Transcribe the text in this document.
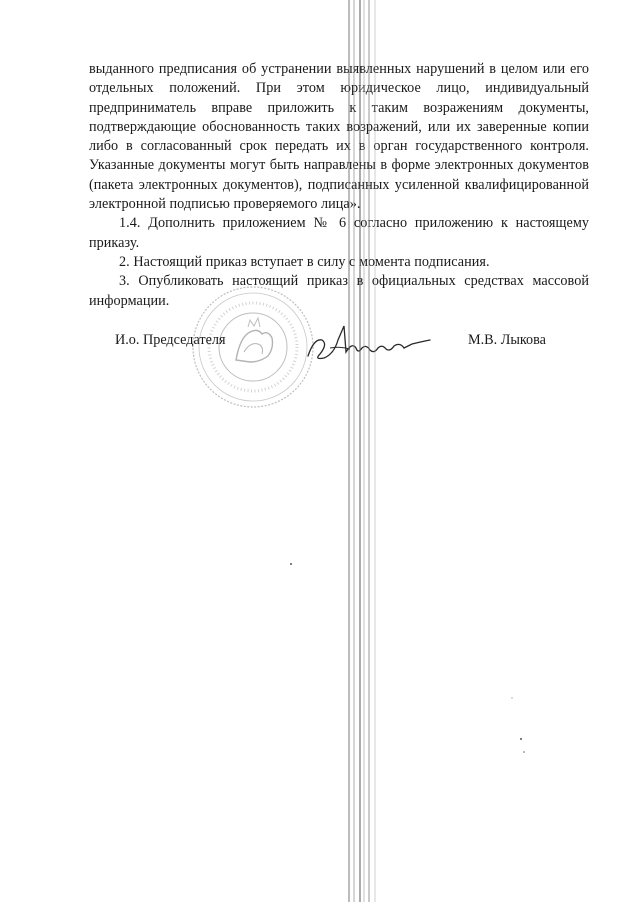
выданного предписания об устранении выявленных нарушений в целом или его отдельных положений. При этом юридическое лицо, индивидуальный предприниматель вправе приложить к таким возражениям документы, подтверждающие обоснованность таких возражений, или их заверенные копии либо в согласованный срок передать их в орган государственного контроля. Указанные документы могут быть направлены в форме электронных документов (пакета электронных документов), подписанных усиленной квалифицированной электронной подписью проверяемого лица».

1.4. Дополнить приложением № 6 согласно приложению к настоящему приказу.

2. Настоящий приказ вступает в силу с момента подписания.

3. Опубликовать настоящий приказ в официальных средствах массовой информации.

И.о. Председателя	М.В. Лыкова
